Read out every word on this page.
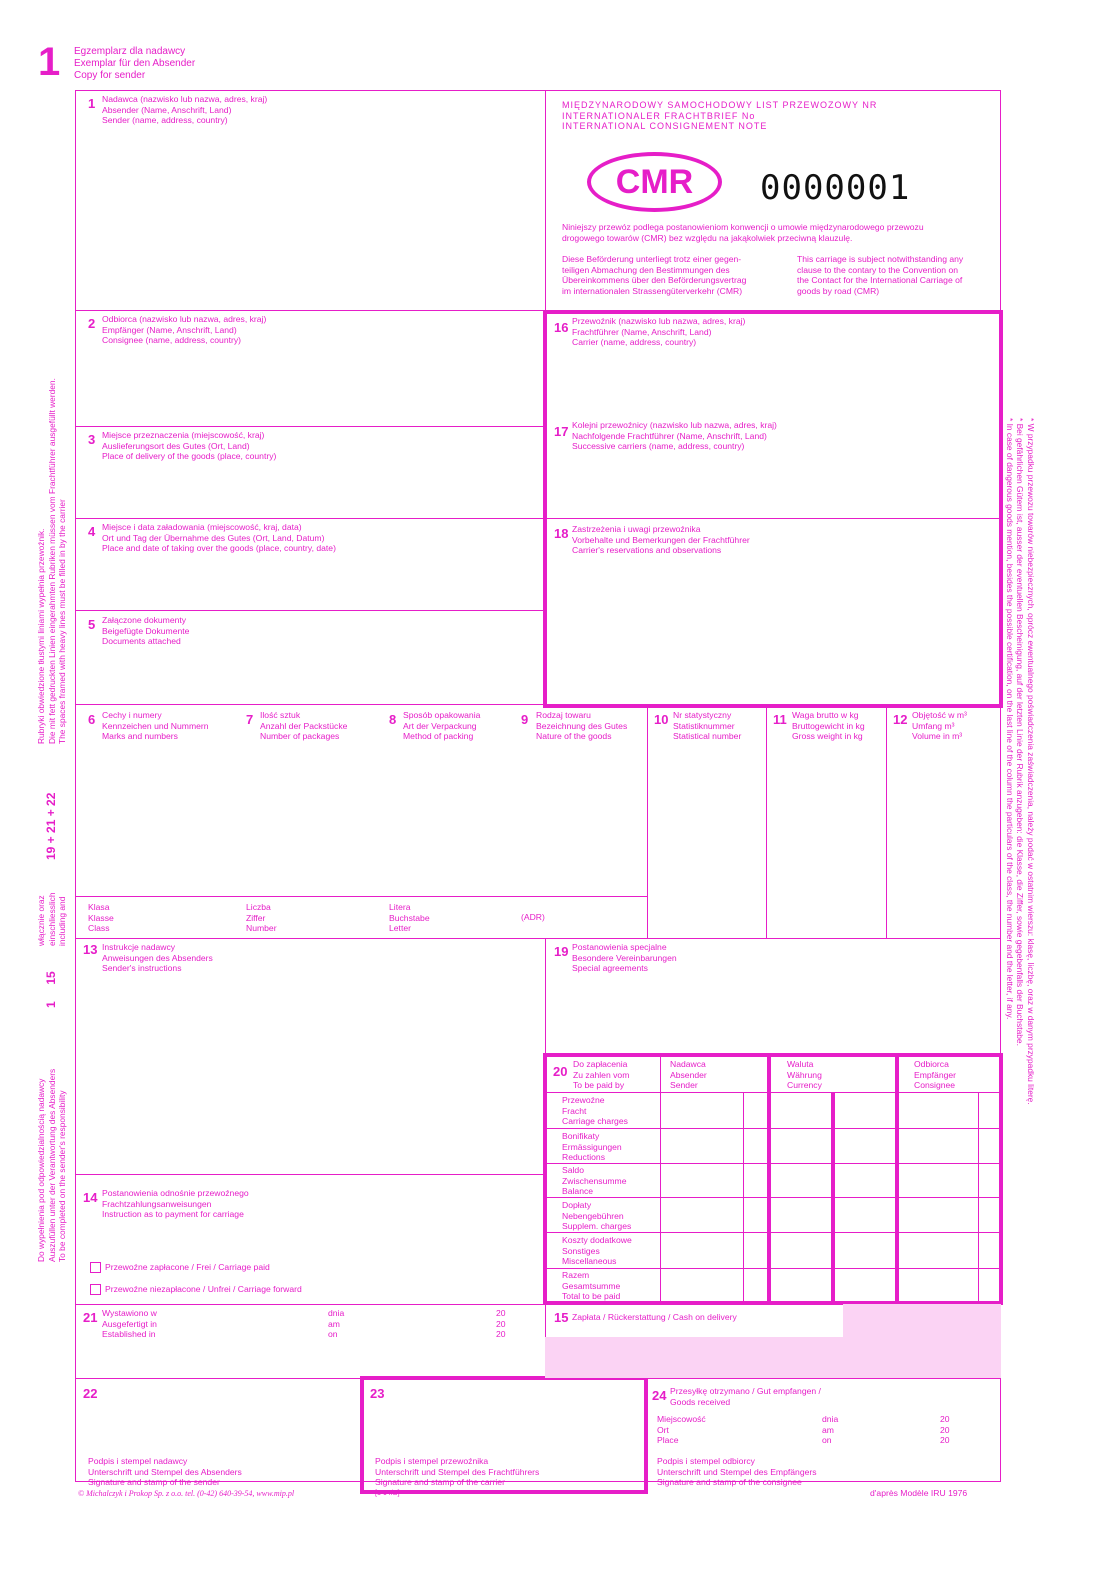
1 Egzemplarz dla nadawcy
Exemplar für den Absender
Copy for sender
MIĘDZYNARODOWY SAMOCHODOWY LIST PRZEWOZOWY NR
INTERNATIONALER FRACHTBRIEF No
INTERNATIONAL CONSIGNEMENT NOTE
CMR	0000001
Niniejszy przewóz podlega postanowieniom konwencji o umowie międzynarodowego przewozu
drogowego towarów (CMR) bez względu na jakąkolwiek przeciwną klauzulę.
Diese Beförderung unterliegt trotz einer gegen-
teiligen Abmachung den Bestimmungen des
Übereinkommens über den Beförderungsvertrag
im internationalen Strassengüterverkehr (CMR)
This carriage is subject notwithstanding any
clause to the contary to the Convention on
the Contact for the International Carriage of
goods by road (CMR)
1 Nadawca (nazwisko lub nazwa, adres, kraj)
Absender (Name, Anschrift, Land)
Sender (name, address, country)
2 Odbiorca (nazwisko lub nazwa, adres, kraj)
Empfänger (Name, Anschrift, Land)
Consignee (name, address, country)
3 Miejsce przeznaczenia (miejscowość, kraj)
Auslieferungsort des Gutes (Ort, Land)
Place of delivery of the goods (place, country)
4 Miejsce i data załadowania (miejscowość, kraj, data)
Ort und Tag der Übernahme des Gutes (Ort, Land, Datum)
Place and date of taking over the goods (place, country, date)
5 Załączone dokumenty
Beigefügte Dokumente
Documents attached
16 Przewoźnik (nazwisko lub nazwa, adres, kraj)
Frachtführer (Name, Anschrift, Land)
Carrier (name, address, country)
17 Kolejni przewoźnicy (nazwisko lub nazwa, adres, kraj)
Nachfolgende Frachtführer (Name, Anschrift, Land)
Successive carriers (name, address, country)
18 Zastrzeżenia i uwagi przewoźnika
Vorbehalte und Bemerkungen der Frachtführer
Carrier's reservations and observations
6 Cechy i numery
Kennzeichen und Nummern
Marks and numbers
7 Ilość sztuk
Anzahl der Packstücke
Number of packages
8 Sposób opakowania
Art der Verpackung
Method of packing
9 Rodzaj towaru
Bezeichnung des Gutes
Nature of the goods
10 Nr statystyczny
Statistiknummer
Statistical number
11 Waga brutto w kg
Bruttogewicht in kg
Gross weight in kg
12 Objętość w m³
Umfang m³
Volume in m³
Klasa
Klasse
Class
Liczba
Ziffer
Number
Litera
Buchstabe
Letter
(ADR)
13 Instrukcje nadawcy
Anweisungen des Absenders
Sender's instructions
19 Postanowienia specjalne
Besondere Vereinbarungen
Special agreements
14 Postanowienia odnośnie przewoźnego
Frachtzahlungsanweisungen
Instruction as to payment for carriage
Przewoźne zapłacone / Frei / Carriage paid
Przewoźne niezapłacone / Unfrei / Carriage forward
20 Do zapłacenia
Zu zahlen vom
To be paid by
Nadawca
Absender
Sender
Waluta
Währung
Currency
Odbiorca
Empfänger
Consignee
Przewoźne
Fracht
Carriage charges
Bonifikaty
Ermässigungen
Reductions
Saldo
Zwischensumme
Balance
Dopłaty
Nebengebühren
Supplem. charges
Koszty dodatkowe
Sonstiges
Miscellaneous
Razem
Gesamtsumme
Total to be paid
21 Wystawiono w
Ausgefertigt in
Established in
dnia
am
on
20
20
20
15 Zapłata / Rückerstattung / Cash on delivery
22
Podpis i stempel nadawcy
Unterschrift und Stempel des Absenders
Signature and stamp of the sender
23
Podpis i stempel przewoźnika
Unterschrift und Stempel des Frachtführers
Signature and stamp of the carrier
24 Przesyłkę otrzymano / Gut empfangen /
Goods received
Miejscowość
Ort
Place
dnia
am
on
20
20
20
Podpis i stempel odbiorcy
Unterschrift und Stempel des Empfängers
Signature and stamp of the consignee
Rubryki obwiedzione tłustymi liniami wypełnia przewoźnik. Die mit fett gedruckten Linien eingerahmten Rubriken müssen vom Frachtführer ausgefüllt werden. The spaces framed with heavy lines must be filled in by the carrier
19 + 21 + 22
włącznie oraz einschliesslich including and
1     15
Do wypełnienia pod odpowiedzialnością nadawcy Auszufüllen unter der Verantwortung des Absenders To be completed on the sender's responsibility
* W przypadku przewozu towarów niebezpiecznych, oprócz ewentualnego poświadczenia zaświadczenia, należy podać w ostatnim wierszu: klasę, liczbę, oraz w danym przypadku literę.
* Bei gefährlichen Gütern ist, ausser der eventuellen Bescheinigung, auf der letzten Linie der Rubrik anzugeben: die Klasse, die Ziffer, sowie gegebenfalls der Buchstabe.
* In case of dangerous goods mention, besides the possible certification, on the last line of the column the particulars of the class, the number and the letter, if any.
© Michalczyk i Prokop Sp. z o.o. tel. (0-42) 640-39-54, www.mip.pl	[1-94/B]	d'après Modèle IRU 1976
